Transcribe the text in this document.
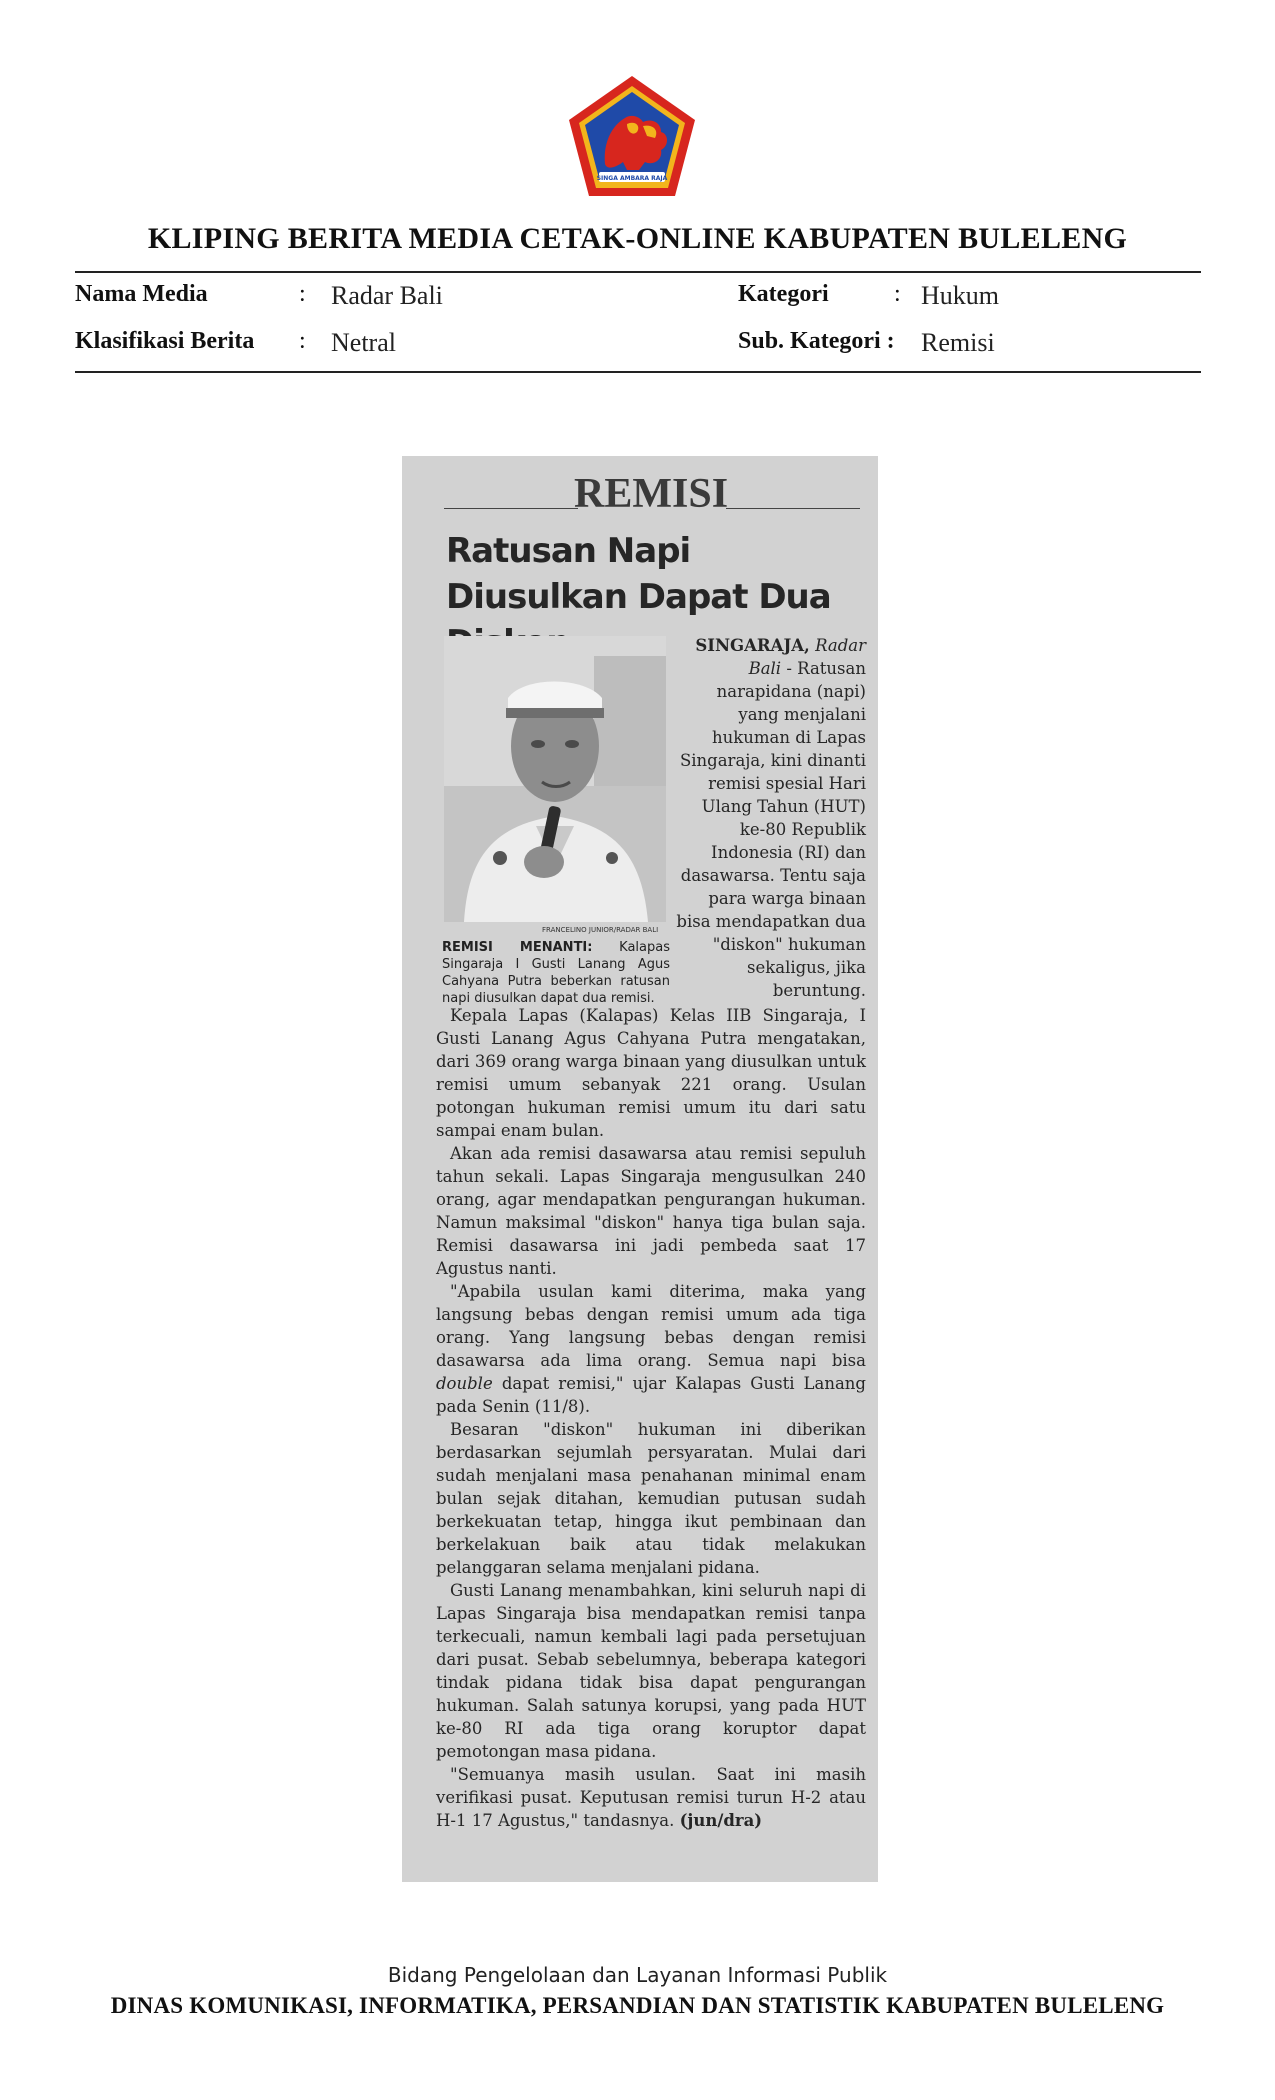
SINGA AMBARA RAJA
KLIPING BERITA MEDIA CETAK-ONLINE KABUPATEN BULELENG
Nama Media	: Radar Bali	Kategori	: Hukum
Klasifikasi Berita : Netral	Sub. Kategori : Remisi
REMISI
Ratusan Napi Diusulkan Dapat Dua
FRANCELINO JUNIOR/RADAR BALI
REMISI MENANTI: Kalapas Singaraja I Gusti Lanang Agus Cahyana Putra beberkan ratusan napi diusulkan dapat dua remisi.
SINGARAJA, Radar Bali - Ratusan narapidana (napi) yang menjalani hukuman di Lapas Singaraja, kini dinanti remisi spesial Hari Ulang Tahun (HUT) ke-80 Republik Indonesia (RI) dan dasawarsa. Tentu saja para warga binaan bisa mendapatkan dua "diskon" hukuman sekaligus, jika beruntung.

Kepala Lapas (Kalapas) Kelas IIB Singaraja, I Gusti Lanang Agus Cahyana Putra mengatakan, dari 369 orang warga binaan yang diusulkan untuk remisi umum sebanyak 221 orang. Usulan potongan hukuman remisi umum itu dari satu sampai enam bulan.

Akan ada remisi dasawarsa atau remisi sepuluh tahun sekali. Lapas Singaraja mengusulkan 240 orang, agar mendapatkan pengurangan hukuman. Namun maksimal "diskon" hanya tiga bulan saja. Remisi dasawarsa ini jadi pembeda saat 17 Agustus nanti.

"Apabila usulan kami diterima, maka yang langsung bebas dengan remisi umum ada tiga orang. Yang langsung bebas dengan remisi dasawarsa ada lima orang. Semua napi bisa double dapat remisi," ujar Kalapas Gusti Lanang pada Senin (11/8).

Besaran "diskon" hukuman ini diberikan berdasarkan sejumlah persyaratan. Mulai dari sudah menjalani masa penahanan minimal enam bulan sejak ditahan, kemudian putusan sudah berkekuatan tetap, hingga ikut pembinaan dan berkelakuan baik atau tidak melakukan pelanggaran selama menjalani pidana.

Gusti Lanang menambahkan, kini seluruh napi di Lapas Singaraja bisa mendapatkan remisi tanpa terkecuali, namun kembali lagi pada persetujuan dari pusat. Sebab sebelumnya, beberapa kategori tindak pidana tidak bisa dapat pengurangan hukuman. Salah satunya korupsi, yang pada HUT ke-80 RI ada tiga orang koruptor dapat pemotongan masa pidana.

"Semuanya masih usulan. Saat ini masih verifikasi pusat. Keputusan remisi turun H-2 atau H-1 17 Agustus," tandasnya. (jun/dra)

Bidang Pengelolaan dan Layanan Informasi Publik
DINAS KOMUNIKASI, INFORMATIKA, PERSANDIAN DAN STATISTIK KABUPATEN BULELENG
